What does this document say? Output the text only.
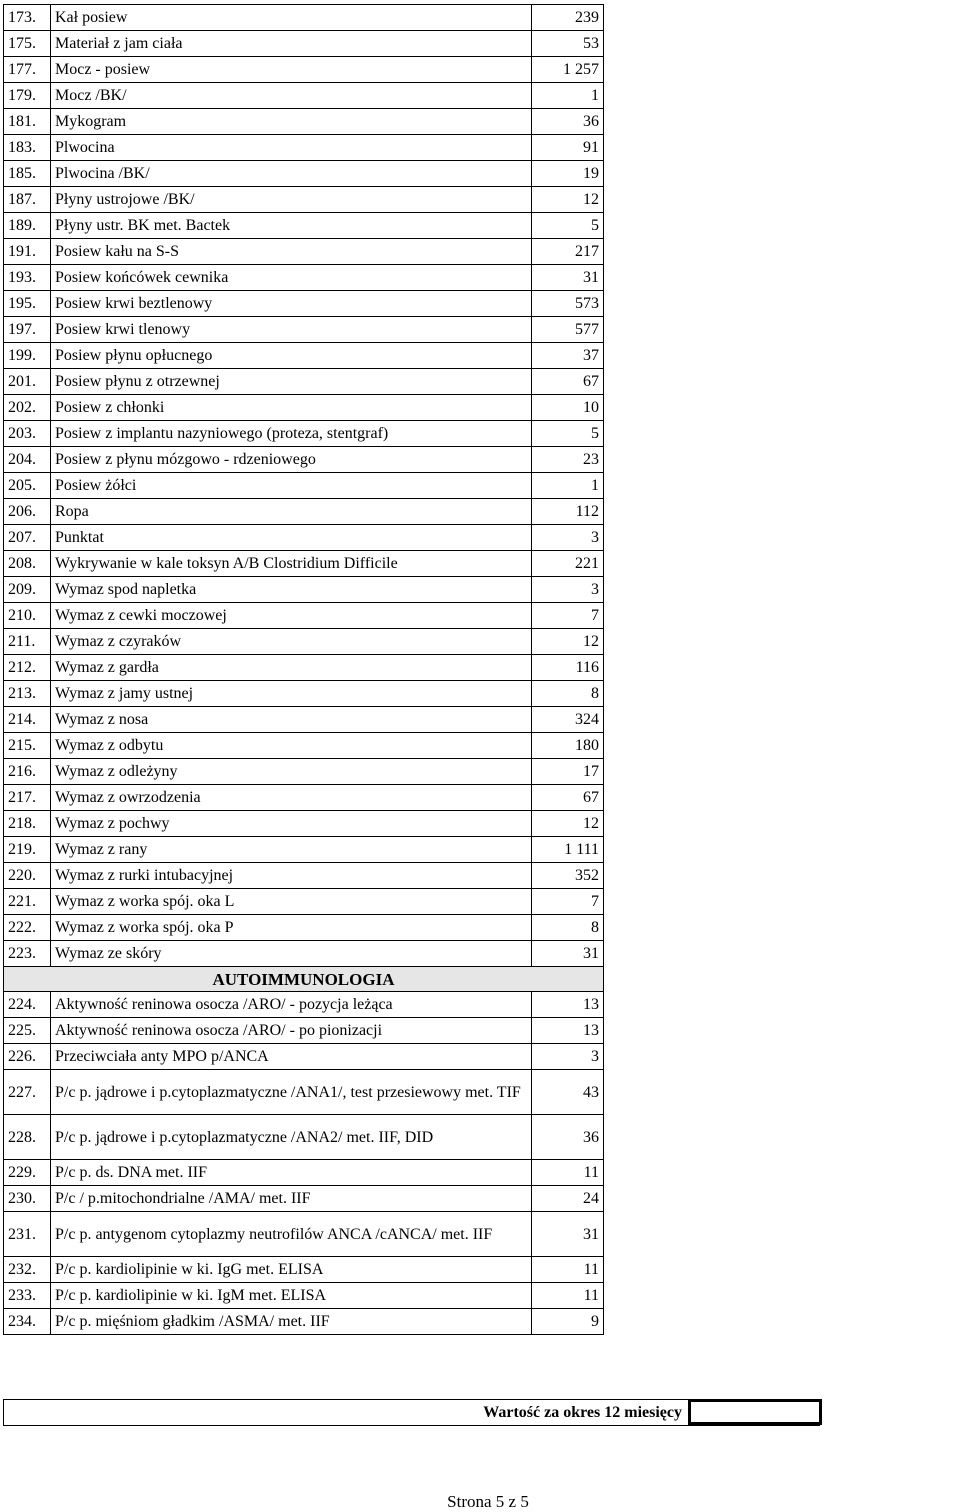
173.	Kał posiew	239
175.	Materiał z jam ciała	53
177.	Mocz - posiew	1 257
179.	Mocz /BK/	1
181.	Mykogram	36
183.	Plwocina	91
185.	Plwocina /BK/	19
187.	Płyny ustrojowe /BK/	12
189.	Płyny ustr. BK met. Bactek	5
191.	Posiew kału na S-S	217
193.	Posiew końcówek cewnika	31
195.	Posiew krwi beztlenowy	573
197.	Posiew krwi tlenowy	577
199.	Posiew płynu opłucnego	37
201.	Posiew płynu z otrzewnej	67
202.	Posiew z chłonki	10
203.	Posiew z implantu nazyniowego (proteza, stentgraf)	5
204.	Posiew z płynu mózgowo - rdzeniowego	23
205.	Posiew żółci	1
206.	Ropa	112
207.	Punktat	3
208.	Wykrywanie w kale toksyn A/B Clostridium Difficile	221
209.	Wymaz spod napletka	3
210.	Wymaz z cewki moczowej	7
211.	Wymaz z czyraków	12
212.	Wymaz z gardła	116
213.	Wymaz z jamy ustnej	8
214.	Wymaz z nosa	324
215.	Wymaz z odbytu	180
216.	Wymaz z odleżyny	17
217.	Wymaz z owrzodzenia	67
218.	Wymaz z pochwy	12
219.	Wymaz z rany	1 111
220.	Wymaz z rurki intubacyjnej	352
221.	Wymaz z worka spój. oka L	7
222.	Wymaz z worka spój. oka P	8
223.	Wymaz ze skóry	31
AUTOIMMUNOLOGIA		
224.	Aktywność reninowa osocza /ARO/ - pozycja leżąca	13
225.	Aktywność reninowa osocza /ARO/ - po pionizacji	13
226.	Przeciwciała anty MPO p/ANCA	3
227.	P/c p. jądrowe i p.cytoplazmatyczne /ANA1/, test przesiewowy met. TIF	43
228.	P/c p. jądrowe i p.cytoplazmatyczne /ANA2/ met. IIF, DID	36
229.	P/c p. ds. DNA met. IIF	11
230.	P/c / p.mitochondrialne /AMA/ met. IIF	24
231.	P/c p. antygenom cytoplazmy neutrofilów ANCA /cANCA/ met. IIF	31
232.	P/c p. kardiolipinie w ki. IgG met. ELISA	11
233.	P/c p. kardiolipinie w ki. IgM met. ELISA	11
234.	P/c p. mięśniom gładkim /ASMA/ met. IIF	9
Wartość za okres 12 miesięcy
Strona 5 z 5
